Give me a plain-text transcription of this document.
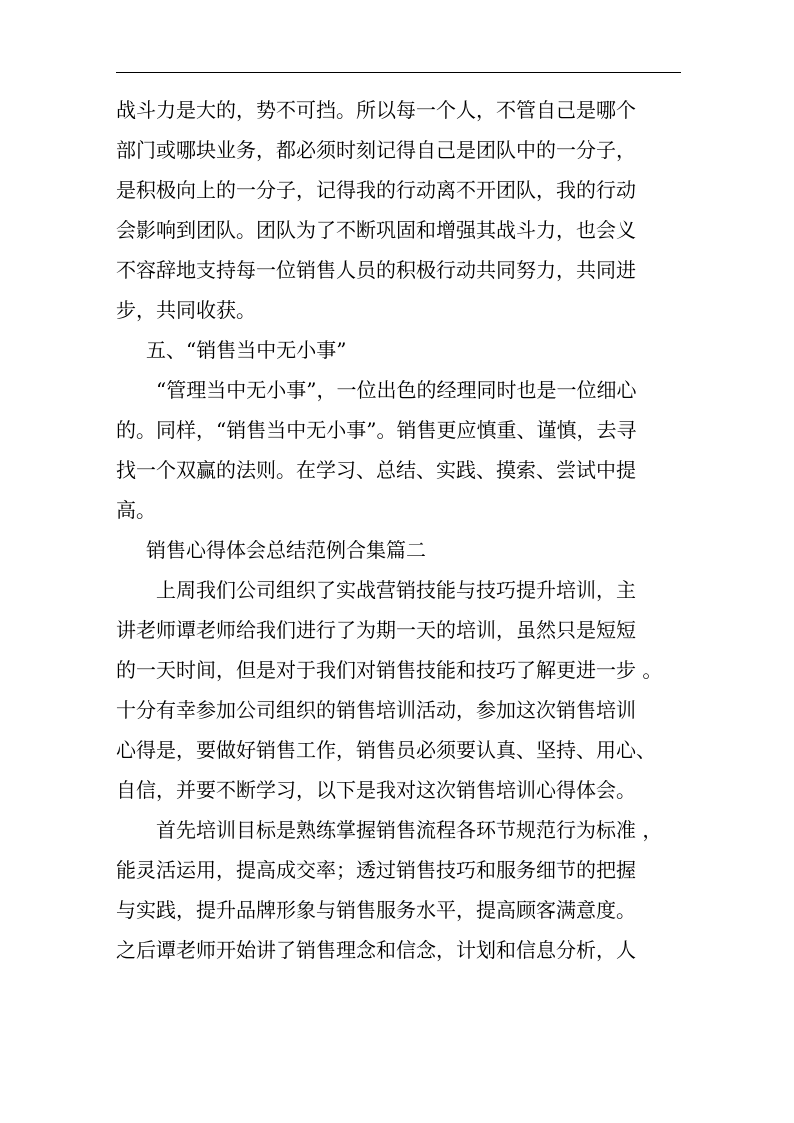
战斗力是大的，势不可挡。所以每一个人，不管自己是哪个
部门或哪块业务，都必须时刻记得自己是团队中的一分子，
是积极向上的一分子，记得我的行动离不开团队，我的行动
会影响到团队。团队为了不断巩固和增强其战斗力，也会义
不容辞地支持每一位销售人员的积极行动共同努力，共同进
步，共同收获。
五、“销售当中无小事”
“管理当中无小事”，一位出色的经理同时也是一位细心
的。同样，“销售当中无小事”。销售更应慎重、谨慎，去寻
找一个双赢的法则。在学习、总结、实践、摸索、尝试中提
高。
销售心得体会总结范例合集篇二
上周我们公司组织了实战营销技能与技巧提升培训，主
讲老师谭老师给我们进行了为期一天的培训，虽然只是短短
的一天时间，但是对于我们对销售技能和技巧了解更进一步 。
十分有幸参加公司组织的销售培训活动，参加这次销售培训
心得是，要做好销售工作，销售员必须要认真、坚持、用心、
自信，并要不断学习，以下是我对这次销售培训心得体会。
首先培训目标是熟练掌握销售流程各环节规范行为标准 ，
能灵活运用，提高成交率；透过销售技巧和服务细节的把握
与实践，提升品牌形象与销售服务水平，提高顾客满意度。
之后谭老师开始讲了销售理念和信念，计划和信息分析，人
